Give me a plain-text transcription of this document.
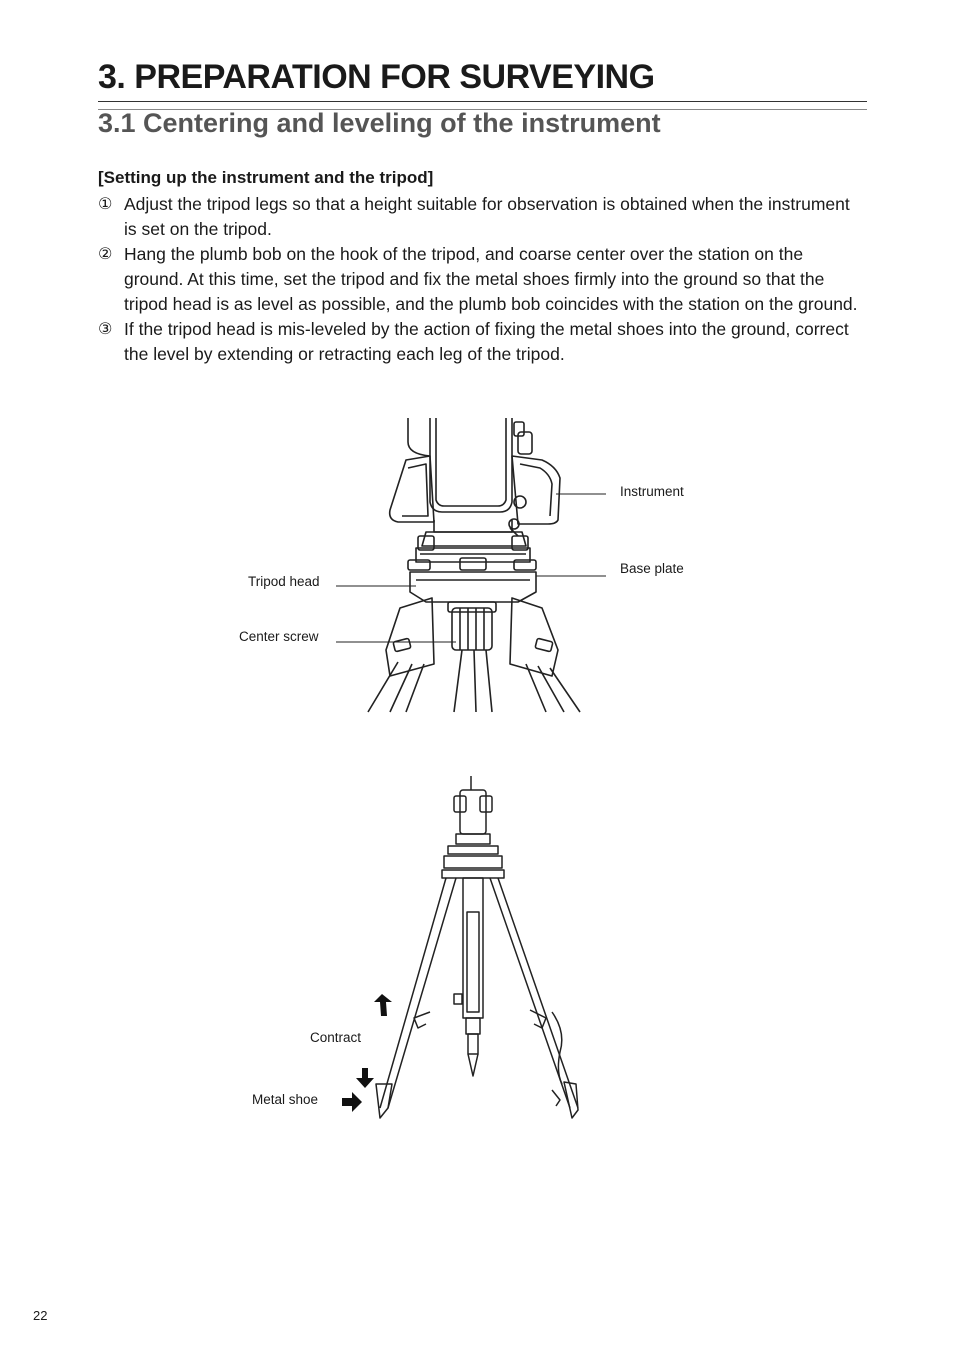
3. PREPARATION FOR SURVEYING
3.1 Centering and leveling of the instrument
[Setting up the instrument and the tripod]
① Adjust the tripod legs so that a height suitable for observation is obtained when the instrument is set on the tripod.
② Hang the plumb bob on the hook of the tripod, and coarse center over the station on the ground. At this time, set the tripod and fix the metal shoes firmly into the ground so that the tripod head is as level as possible, and the plumb bob coincides with the station on the ground.
③ If the tripod head is mis-leveled by the action of fixing the metal shoes into the ground, correct the level by extending or retracting each leg of the tripod.
Instrument
Base plate
Tripod head
Center screw
Contract
Metal shoe
22
